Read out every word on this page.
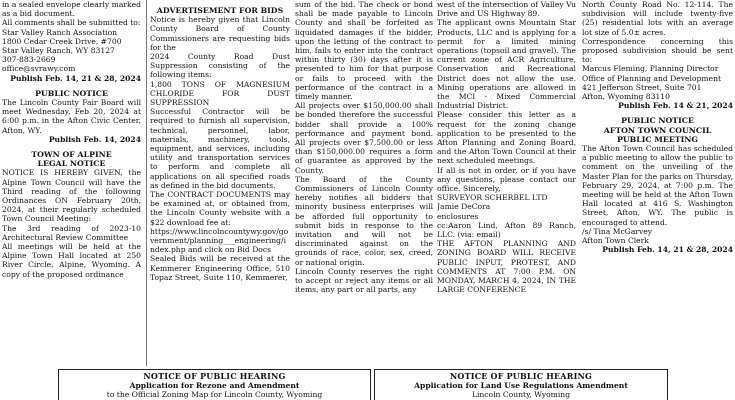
in a sealed envelope clearly marked as a bid document.

All comments shall be submitted to:

Star Valley Ranch Association

1800 Cedar Creek Drive, #700

Star Valley Ranch, WY 83127

307-883-2669

office@svrawy.com

Publish Feb. 14, 21 & 28, 2024

PUBLIC NOTICE

The Lincoln County Fair Board will meet Wednesday, Feb 20, 2024 at 6:00 p.m. in the Afton Civic Center, Afton, WY.

Publish Feb. 14, 2024

TOWN OF ALPINE

LEGAL NOTICE

NOTICE IS HEREBY GIVEN, the Alpine Town Council will have the Third reading of the following Ordinances ON February 20th, 2024, at their regularly scheduled Town Council Meeting:

The 3rd reading of 2023-10 Architectural Review Committee

All meetings will be held at the Alpine Town Hall located at 250 River Circle, Alpine, Wyoming. A copy of the proposed ordinance

ADVERTISEMENT FOR BIDS

Notice is hereby given that Lincoln County Board of County Commissioners are requesting bids for the

2024 County Road Dust Suppression consisting of the following items:

1,800 TONS OF MAGNESIUM CHLORIDE FOR DUST SUPPRESSION

Successful Contractor will be required to furnish all supervision, technical, personnel, labor, materials, machinery, tools, equipment, and services, including utility and transportation services to perform and complete all applications on all specified roads as defined in the bid documents.

The CONTRACT DOCUMENTS may be examined at, or obtained from, the Lincoln County website with a $22 download fee at:

https://www.lincolncountywy.gov/government/planning___engineering/index.php and click on Bid Docs

Sealed Bids will be received at the Kemmerer Engineering Office, 510 Topaz Street, Suite 110, Kemmerer,

sum of the bid. The check or bond shall be made payable to Lincoln County and shall be forfeited as liquidated damages if the bidder, upon the letting of the contract to him, fails to enter into the contract within thirty (30) days after it is presented to him for that purpose or fails to proceed with the performance of the contract in a timely manner.

All projects over $150,000.00 shall be bonded therefore the successful bidder shall provide a 100% performance and payment bond. All projects over $7,500.00 or less than $150,000.00 requires a form of guarantee as approved by the County.

The Board of the County Commissioners of Lincoln County hereby notifies all bidders that minority business enterprises will be afforded full opportunity to submit bids in response to the invitation and will not be discriminated against on the grounds of race, color, sex, creed, or national origin.

Lincoln County reserves the right to accept or reject any items or all items, any part or all parts, any

west of the intersection of Valley Vu Drive and US Highway 89.

The applicant owns Mountain Star Products, LLC and is applying for a permit for a limited mining operations (topsoil and gravel). The current zone of ACR Agriculture, Conservation and Recreational District does not allow the use. Mining operations are allowed in the MCI - Mixed Commercial Industrial District.

Please consider this letter as a request for the zoning change application to be presented to the Afton Planning and Zoning Board, and the Afton Town Council at their next scheduled meetings.

If all is not in order, or if you have any questions, please contact our office. Sincerely,

SURVEYOR SCHERBEL LTD

Jamie DeCora

enclosures

cc:Aaron Lind, Afton 89 Ranch, LLC. (via: email)

THE AFTON PLANNING AND ZONING BOARD WILL RECEIVE PUBLIC INPUT, PROTEST, AND COMMENTS AT 7:00 P.M. ON MONDAY, MARCH 4, 2024, IN THE LARGE CONFERENCE

North County Road No. 12-114. The subdivision will include twenty-five (25) residential lots with an average lot size of 5.0± acres.

Correspondence concerning this proposed subdivision should be sent to:

Marcus Fleming, Planning Director

Office of Planning and Development

421 Jefferson Street, Suite 701

Afton, Wyoming 83110

Publish Feb. 14 & 21, 2024

PUBLIC NOTICE

AFTON TOWN COUNCIL

PUBLIC MEETING

The Afton Town Council has scheduled a public meeting to allow the public to comment on the unveiling of the Master Plan for the parks on Thursday, February 29, 2024, at 7:00 p.m. The meeting will be held at the Afton Town Hall located at 416 S. Washington Street, Afton, WY. The public is encouraged to attend.

/s/ Tina McGarvey

Afton Town Clerk

Publish Feb. 14, 21 & 28, 2024

NOTICE OF PUBLIC HEARING

Application for Rezone and Amendment

to the Official Zoning Map for Lincoln County, Wyoming

NOTICE OF PUBLIC HEARING

Application for Land Use Regulations Amendment

Lincoln County, Wyoming
